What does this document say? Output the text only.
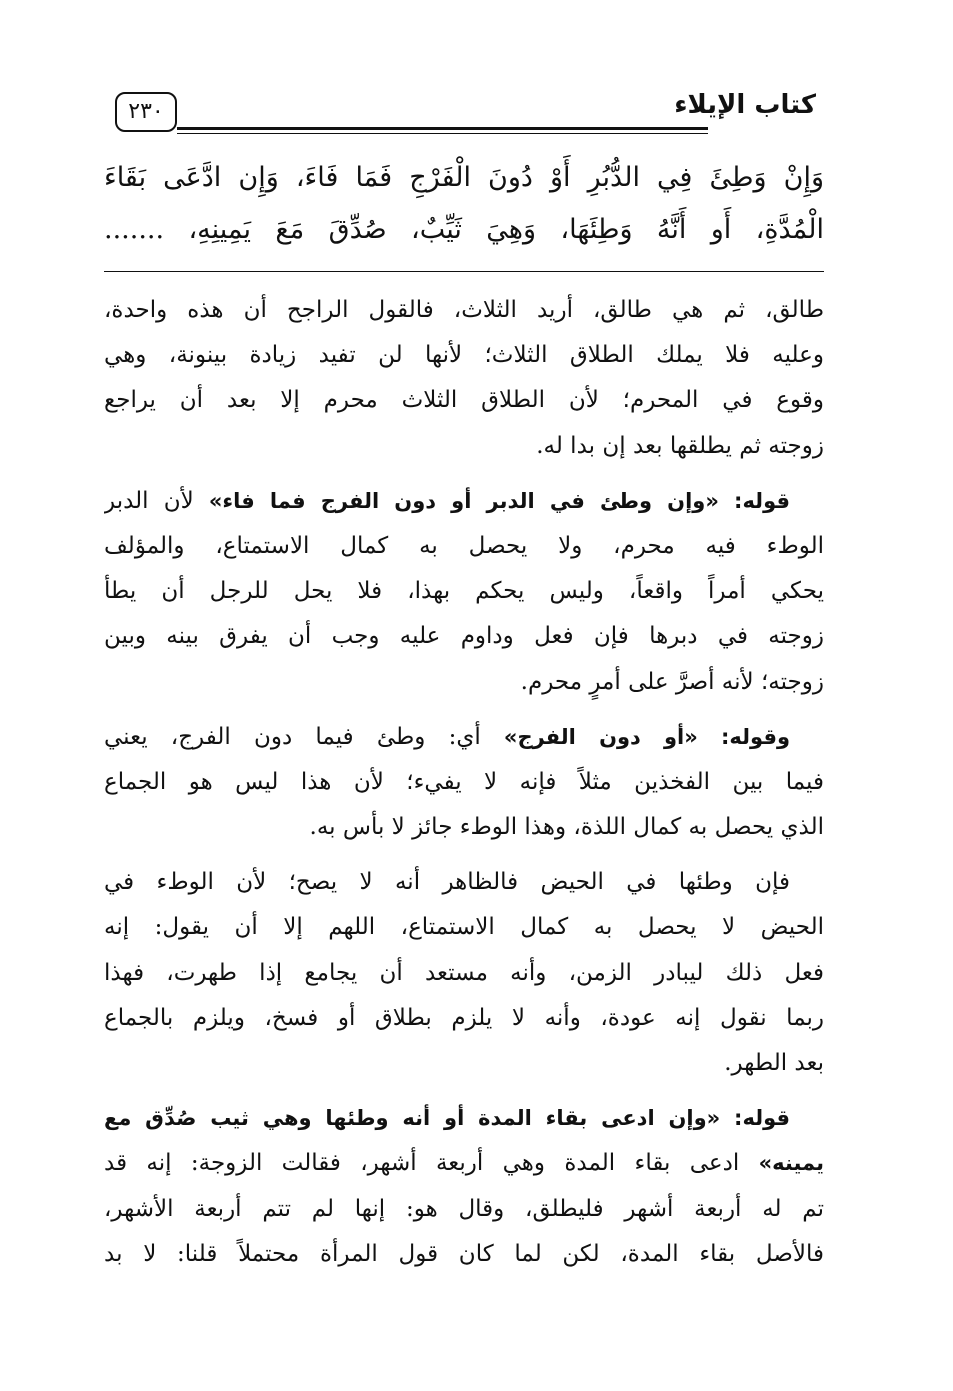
كتاب الإيلاء
٢٣٠
وَإِنْ وَطِئَ فِي الدُّبُرِ أَوْ دُونَ الْفَرْجِ فَمَا فَاءَ، وَإِن ادَّعَى بَقَاءَ
الْمُدَّةِ، أَو أَنَّهُ وَطِئَهَا، وَهِيَ ثَيِّبٌ، صُدِّقَ مَعَ يَمِينِهِ، .......
طالق، ثم هي طالق، أريد الثلاث، فالقول الراجح أن هذه واحدة،
وعليه فلا يملك الطلاق الثلاث؛ لأنها لن تفيد زيادة بينونة، وهي
وقوع في المحرم؛ لأن الطلاق الثلاث محرم إلا بعد أن يراجع
زوجته ثم يطلقها بعد إن بدا له.
قوله: «وإن وطئ في الدبر أو دون الفرج فما فاء» لأن الدبر
الوطء فيه محرم، ولا يحصل به كمال الاستمتاع، والمؤلف
يحكي أمراً واقعاً، وليس يحكم بهذا، فلا يحل للرجل أن يطأ
زوجته في دبرها فإن فعل وداوم عليه وجب أن يفرق بينه وبين
زوجته؛ لأنه أصرَّ على أمرٍ محرم.
وقوله: «أو دون الفرج» أي: وطئ فيما دون الفرج، يعني
فيما بين الفخذين مثلاً فإنه لا يفيء؛ لأن هذا ليس هو الجماع
الذي يحصل به كمال اللذة، وهذا الوطء جائز لا بأس به.
فإن وطئها في الحيض فالظاهر أنه لا يصح؛ لأن الوطء في
الحيض لا يحصل به كمال الاستمتاع، اللهم إلا أن يقول: إنه
فعل ذلك ليبادر الزمن، وأنه مستعد أن يجامع إذا طهرت، فهذا
ربما نقول إنه عودة، وأنه لا يلزم بطلاق أو فسخ، ويلزم بالجماع
بعد الطهر.
قوله: «وإن ادعى بقاء المدة أو أنه وطئها وهي ثيب صُدِّق مع
يمينه» ادعى بقاء المدة وهي أربعة أشهر، فقالت الزوجة: إنه قد
تم له أربعة أشهر فليطلق، وقال هو: إنها لم تتم أربعة الأشهر،
فالأصل بقاء المدة، لكن لما كان قول المرأة محتملاً قلنا: لا بد
